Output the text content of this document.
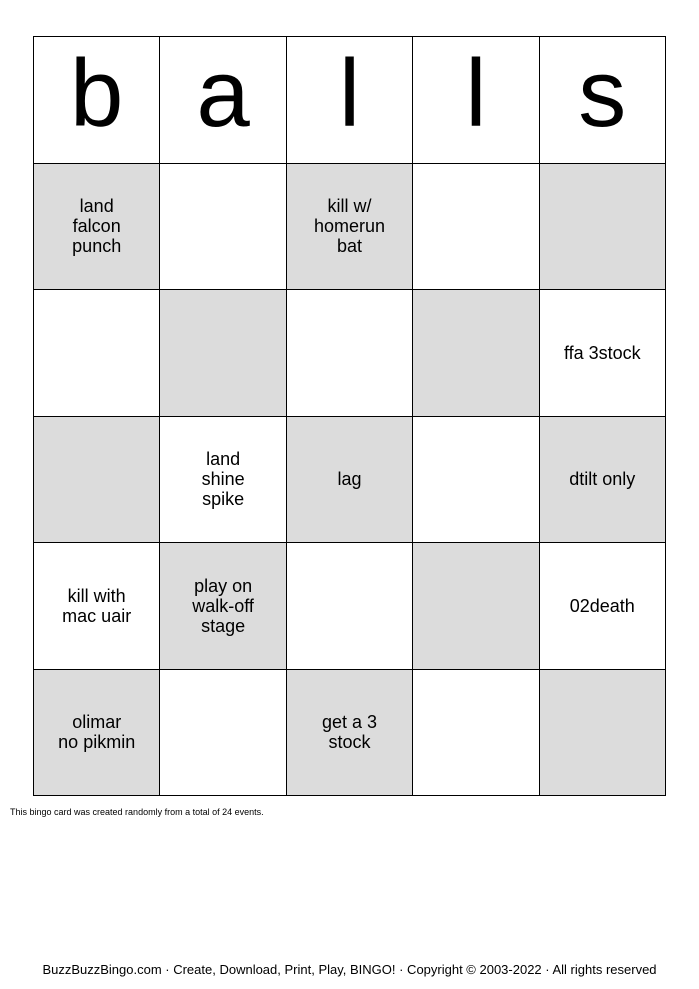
b a l l s
land
falcon
punch
kill w/
homerun
bat
ffa 3stock
land
shine
spike
lag	dtilt only
kill with
mac uair
play on
walk-off
stage
02death
olimar
no pikmin
get a 3
stock
This bingo card was created randomly from a total of 24 events.
BuzzBuzzBingo.com · Create, Download, Print, Play, BINGO! · Copyright © 2003-2022 · All rights reserved
